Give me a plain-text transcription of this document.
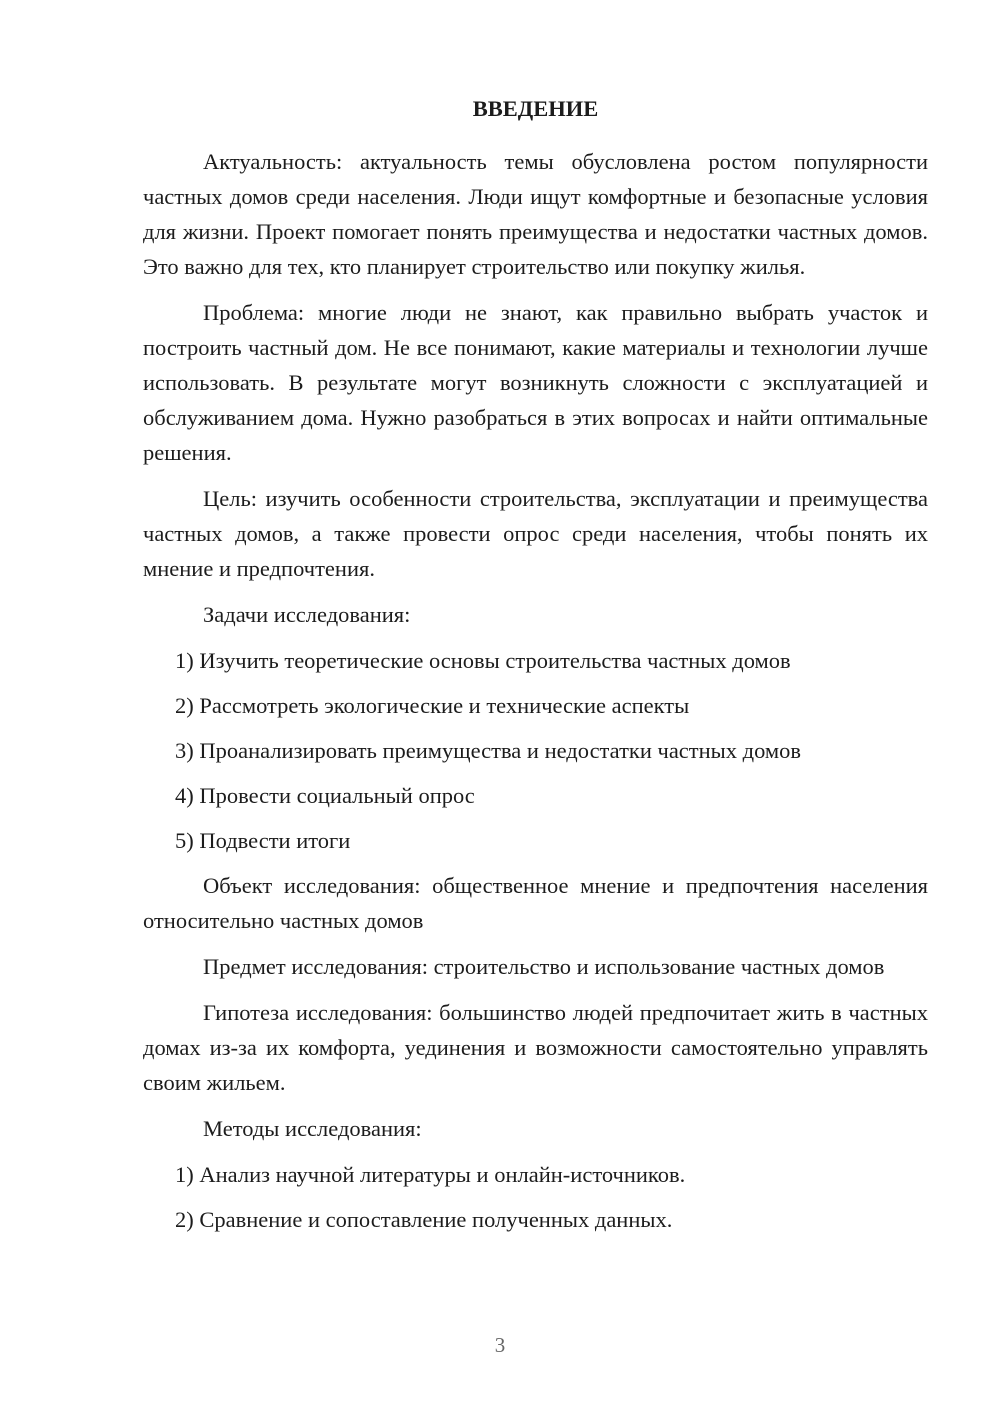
ВВЕДЕНИЕ

Актуальность: актуальность темы обусловлена ростом популярности частных домов среди населения. Люди ищут комфортные и безопасные условия для жизни. Проект помогает понять преимущества и недостатки частных домов. Это важно для тех, кто планирует строительство или покупку жилья.

Проблема: многие люди не знают, как правильно выбрать участок и построить частный дом. Не все понимают, какие материалы и технологии лучше использовать. В результате могут возникнуть сложности с эксплуатацией и обслуживанием дома. Нужно разобраться в этих вопросах и найти оптимальные решения.

Цель: изучить особенности строительства, эксплуатации и преимущества частных домов, а также провести опрос среди населения, чтобы понять их мнение и предпочтения.

Задачи исследования:

1) Изучить теоретические основы строительства частных домов

2) Рассмотреть экологические и технические аспекты

3) Проанализировать преимущества и недостатки частных домов

4) Провести социальный опрос

5) Подвести итоги

Объект исследования: общественное мнение и предпочтения населения относительно частных домов

Предмет исследования: строительство и использование частных домов

Гипотеза исследования: большинство людей предпочитает жить в частных домах из-за их комфорта, уединения и возможности самостоятельно управлять своим жильем.

Методы исследования:

1) Анализ научной литературы и онлайн-источников.

2) Сравнение и сопоставление полученных данных.

3
